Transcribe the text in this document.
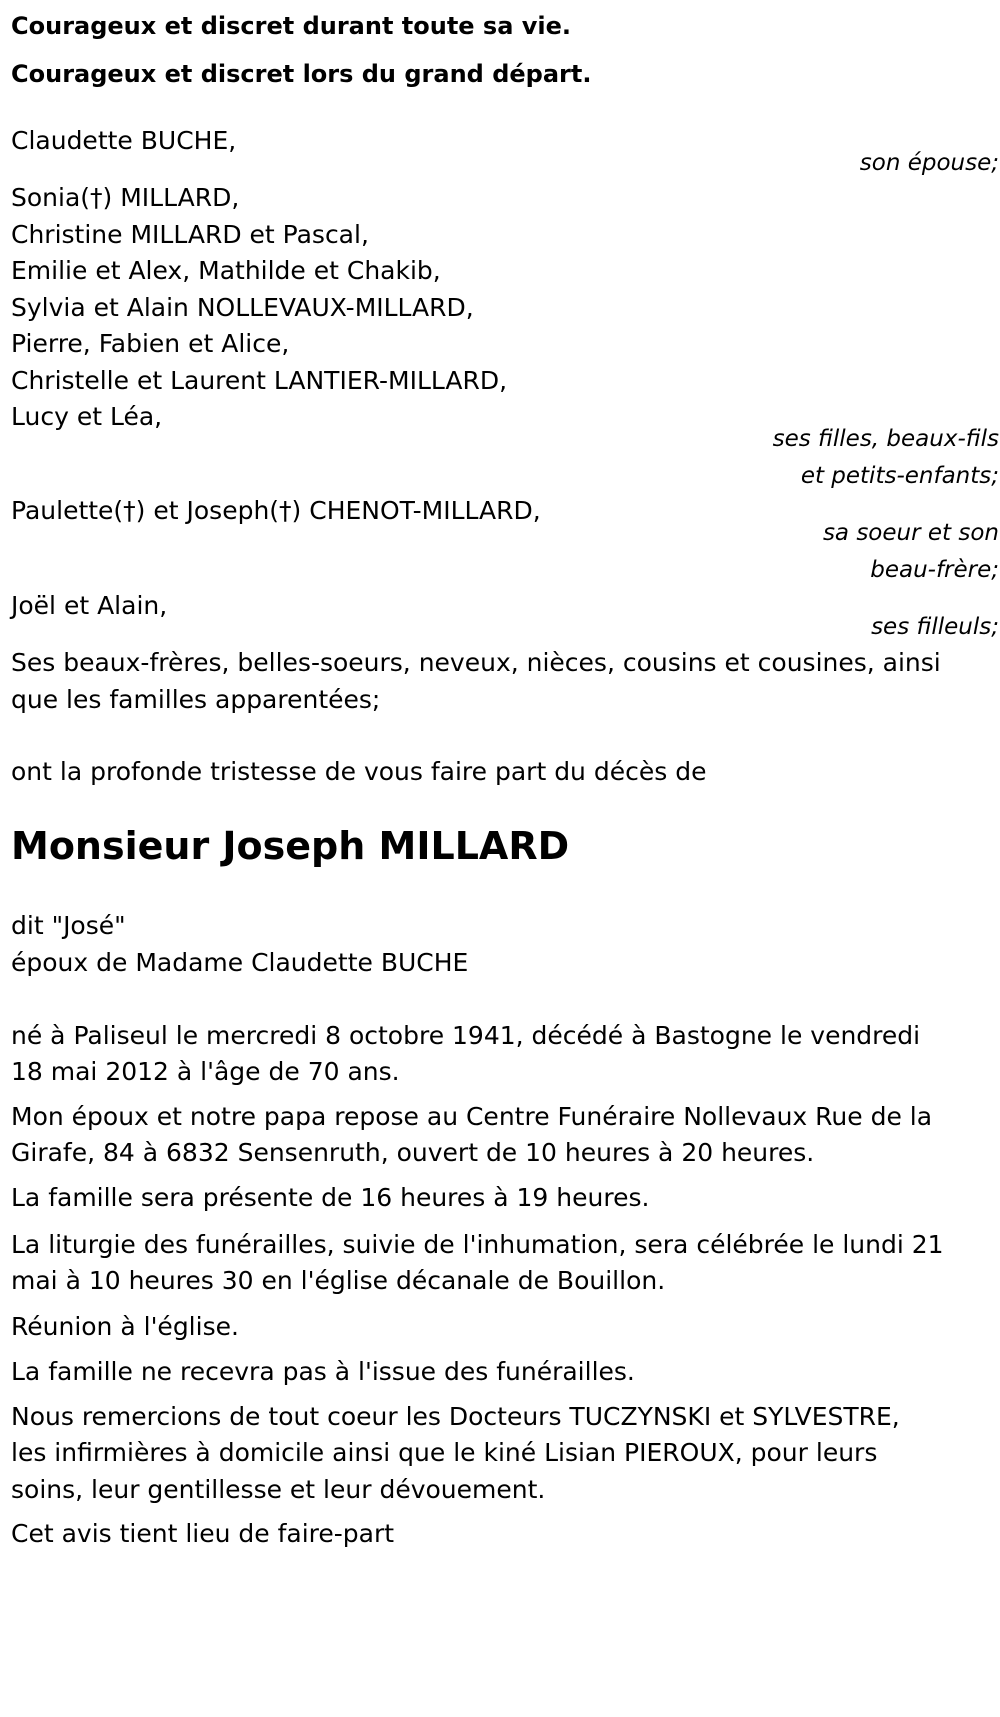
Courageux et discret durant toute sa vie.

Courageux et discret lors du grand départ.

Claudette BUCHE,

son épouse;

Sonia(†) MILLARD,

Christine MILLARD et Pascal,

Emilie et Alex, Mathilde et Chakib,

Sylvia et Alain NOLLEVAUX-MILLARD,

Pierre, Fabien et Alice,

Christelle et Laurent LANTIER-MILLARD,

Lucy et Léa,

ses filles, beaux-fils
et petits-enfants;

Paulette(†) et Joseph(†) CHENOT-MILLARD,

sa soeur et son
beau-frère;

Joël et Alain,

ses filleuls;

Ses beaux-frères, belles-soeurs, neveux, nièces, cousins et cousines, ainsi

que les familles apparentées;

ont la profonde tristesse de vous faire part du décès de

Monsieur Joseph MILLARD

dit "José"

époux de Madame Claudette BUCHE

né à Paliseul le mercredi 8 octobre 1941, décédé à Bastogne le vendredi

18 mai 2012 à l'âge de 70 ans.

Mon époux et notre papa repose au Centre Funéraire Nollevaux Rue de la

Girafe, 84 à 6832 Sensenruth, ouvert de 10 heures à 20 heures.

La famille sera présente de 16 heures à 19 heures.

La liturgie des funérailles, suivie de l'inhumation, sera célébrée le lundi 21

mai à 10 heures 30 en l'église décanale de Bouillon.

Réunion à l'église.

La famille ne recevra pas à l'issue des funérailles.

Nous remercions de tout coeur les Docteurs TUCZYNSKI et SYLVESTRE,

les infirmières à domicile ainsi que le kiné Lisian PIEROUX, pour leurs

soins, leur gentillesse et leur dévouement.

Cet avis tient lieu de faire-part
